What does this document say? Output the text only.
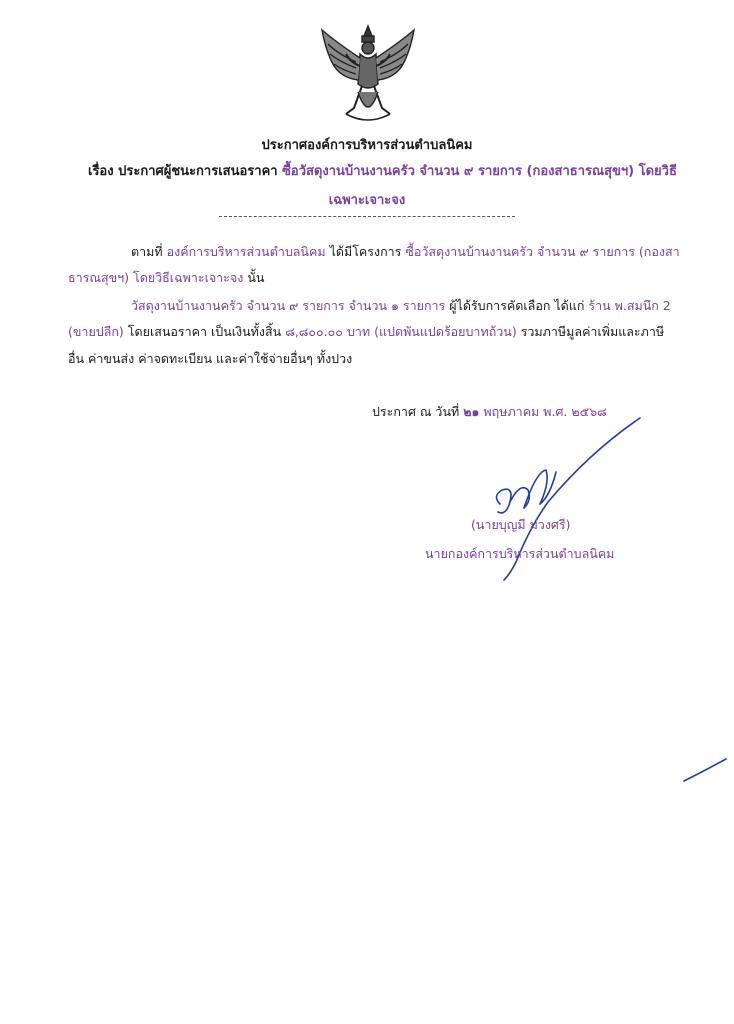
ประกาศองค์การบริหารส่วนตำบลนิคม
เรื่อง ประกาศผู้ชนะการเสนอราคา ซื้อวัสดุงานบ้านงานครัว จำนวน ๙ รายการ (กองสาธารณสุขฯ) โดยวิธี
เฉพาะเจาะจง
ตามที่ องค์การบริหารส่วนตำบลนิคม ได้มีโครงการ ซื้อวัสดุงานบ้านงานครัว จำนวน ๙ รายการ (กองสา
ธารณสุขฯ) โดยวิธีเฉพาะเจาะจง นั้น
วัสดุงานบ้านงานครัว จำนวน ๙ รายการ จำนวน ๑ รายการ ผู้ได้รับการคัดเลือก ได้แก่ ร้าน พ.สมนึก 2
(ขายปลีก) โดยเสนอราคา เป็นเงินทั้งสิ้น ๘,๘๐๐.๐๐ บาท (แปดพันแปดร้อยบาทถ้วน) รวมภาษีมูลค่าเพิ่มและภาษี
อื่น ค่าขนส่ง ค่าจดทะเบียน และค่าใช้จ่ายอื่นๆ ทั้งปวง
ประกาศ ณ วันที่ ๒๑ พฤษภาคม พ.ศ. ๒๕๖๘
(นายบุญมี ม่วงศรี)
นายกองค์การบริหารส่วนตำบลนิคม
